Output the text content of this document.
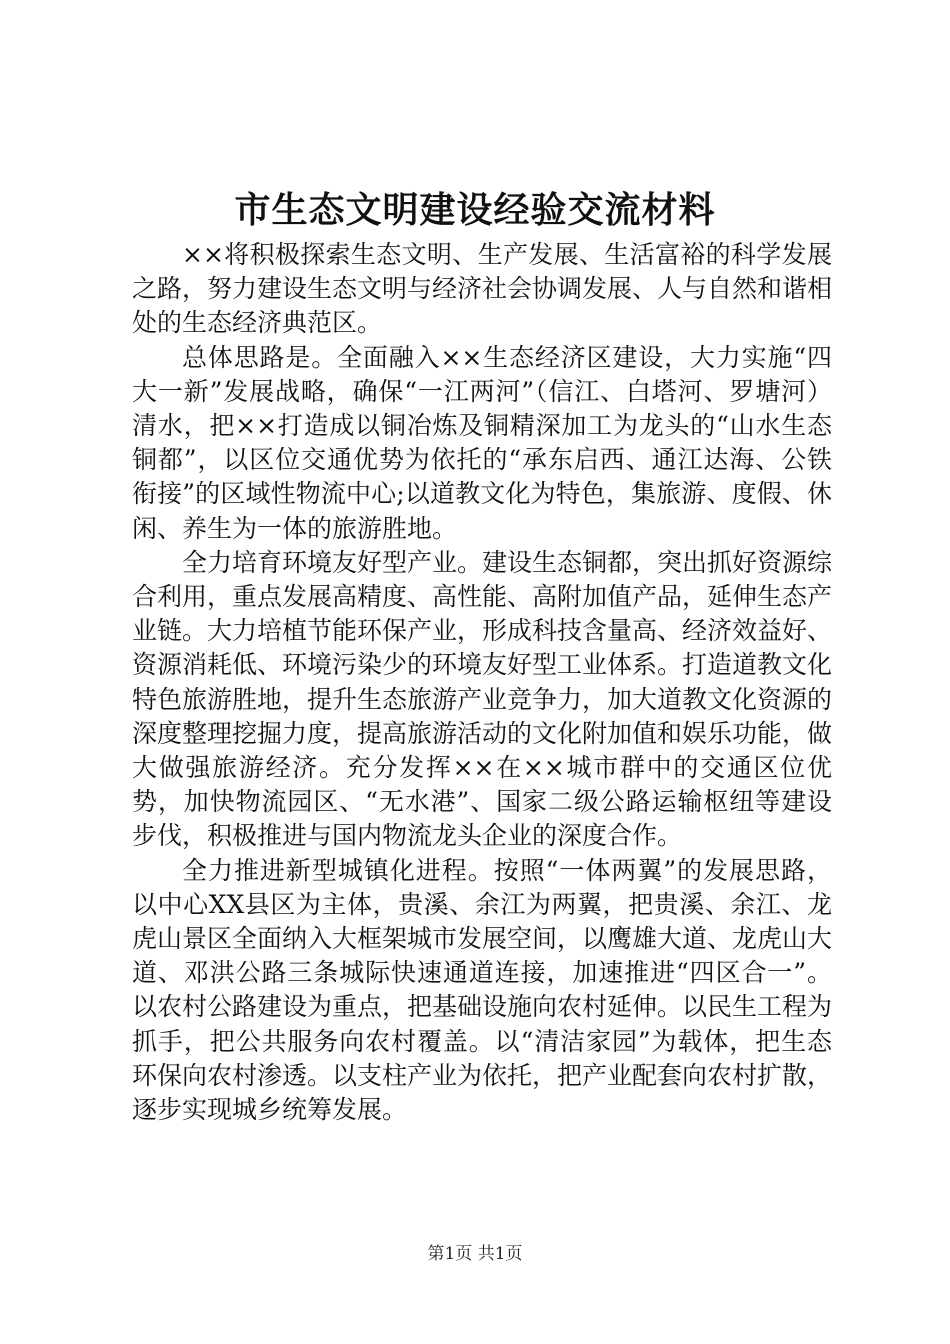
市生态文明建设经验交流材料

××将积极探索生态文明、生产发展、生活富裕的科学发展之路，努力建设生态文明与经济社会协调发展、人与自然和谐相处的生态经济典范区。

总体思路是。全面融入××生态经济区建设，大力实施“四大一新”发展战略，确保“一江两河”（信江、白塔河、罗塘河）清水，把××打造成以铜冶炼及铜精深加工为龙头的“山水生态铜都”，以区位交通优势为依托的“承东启西、通江达海、公铁衔接”的区域性物流中心;以道教文化为特色，集旅游、度假、休闲、养生为一体的旅游胜地。

全力培育环境友好型产业。建设生态铜都，突出抓好资源综合利用，重点发展高精度、高性能、高附加值产品，延伸生态产业链。大力培植节能环保产业，形成科技含量高、经济效益好、资源消耗低、环境污染少的环境友好型工业体系。打造道教文化特色旅游胜地，提升生态旅游产业竞争力，加大道教文化资源的深度整理挖掘力度，提高旅游活动的文化附加值和娱乐功能，做大做强旅游经济。充分发挥××在××城市群中的交通区位优势，加快物流园区、“无水港”、国家二级公路运输枢纽等建设步伐，积极推进与国内物流龙头企业的深度合作。

全力推进新型城镇化进程。按照“一体两翼”的发展思路，以中心XX县区为主体，贵溪、余江为两翼，把贵溪、余江、龙虎山景区全面纳入大框架城市发展空间，以鹰雄大道、龙虎山大道、邓洪公路三条城际快速通道连接，加速推进“四区合一”。以农村公路建设为重点，把基础设施向农村延伸。以民生工程为抓手，把公共服务向农村覆盖。以“清洁家园”为载体，把生态环保向农村渗透。以支柱产业为依托，把产业配套向农村扩散，逐步实现城乡统筹发展。

第1页 共1页
